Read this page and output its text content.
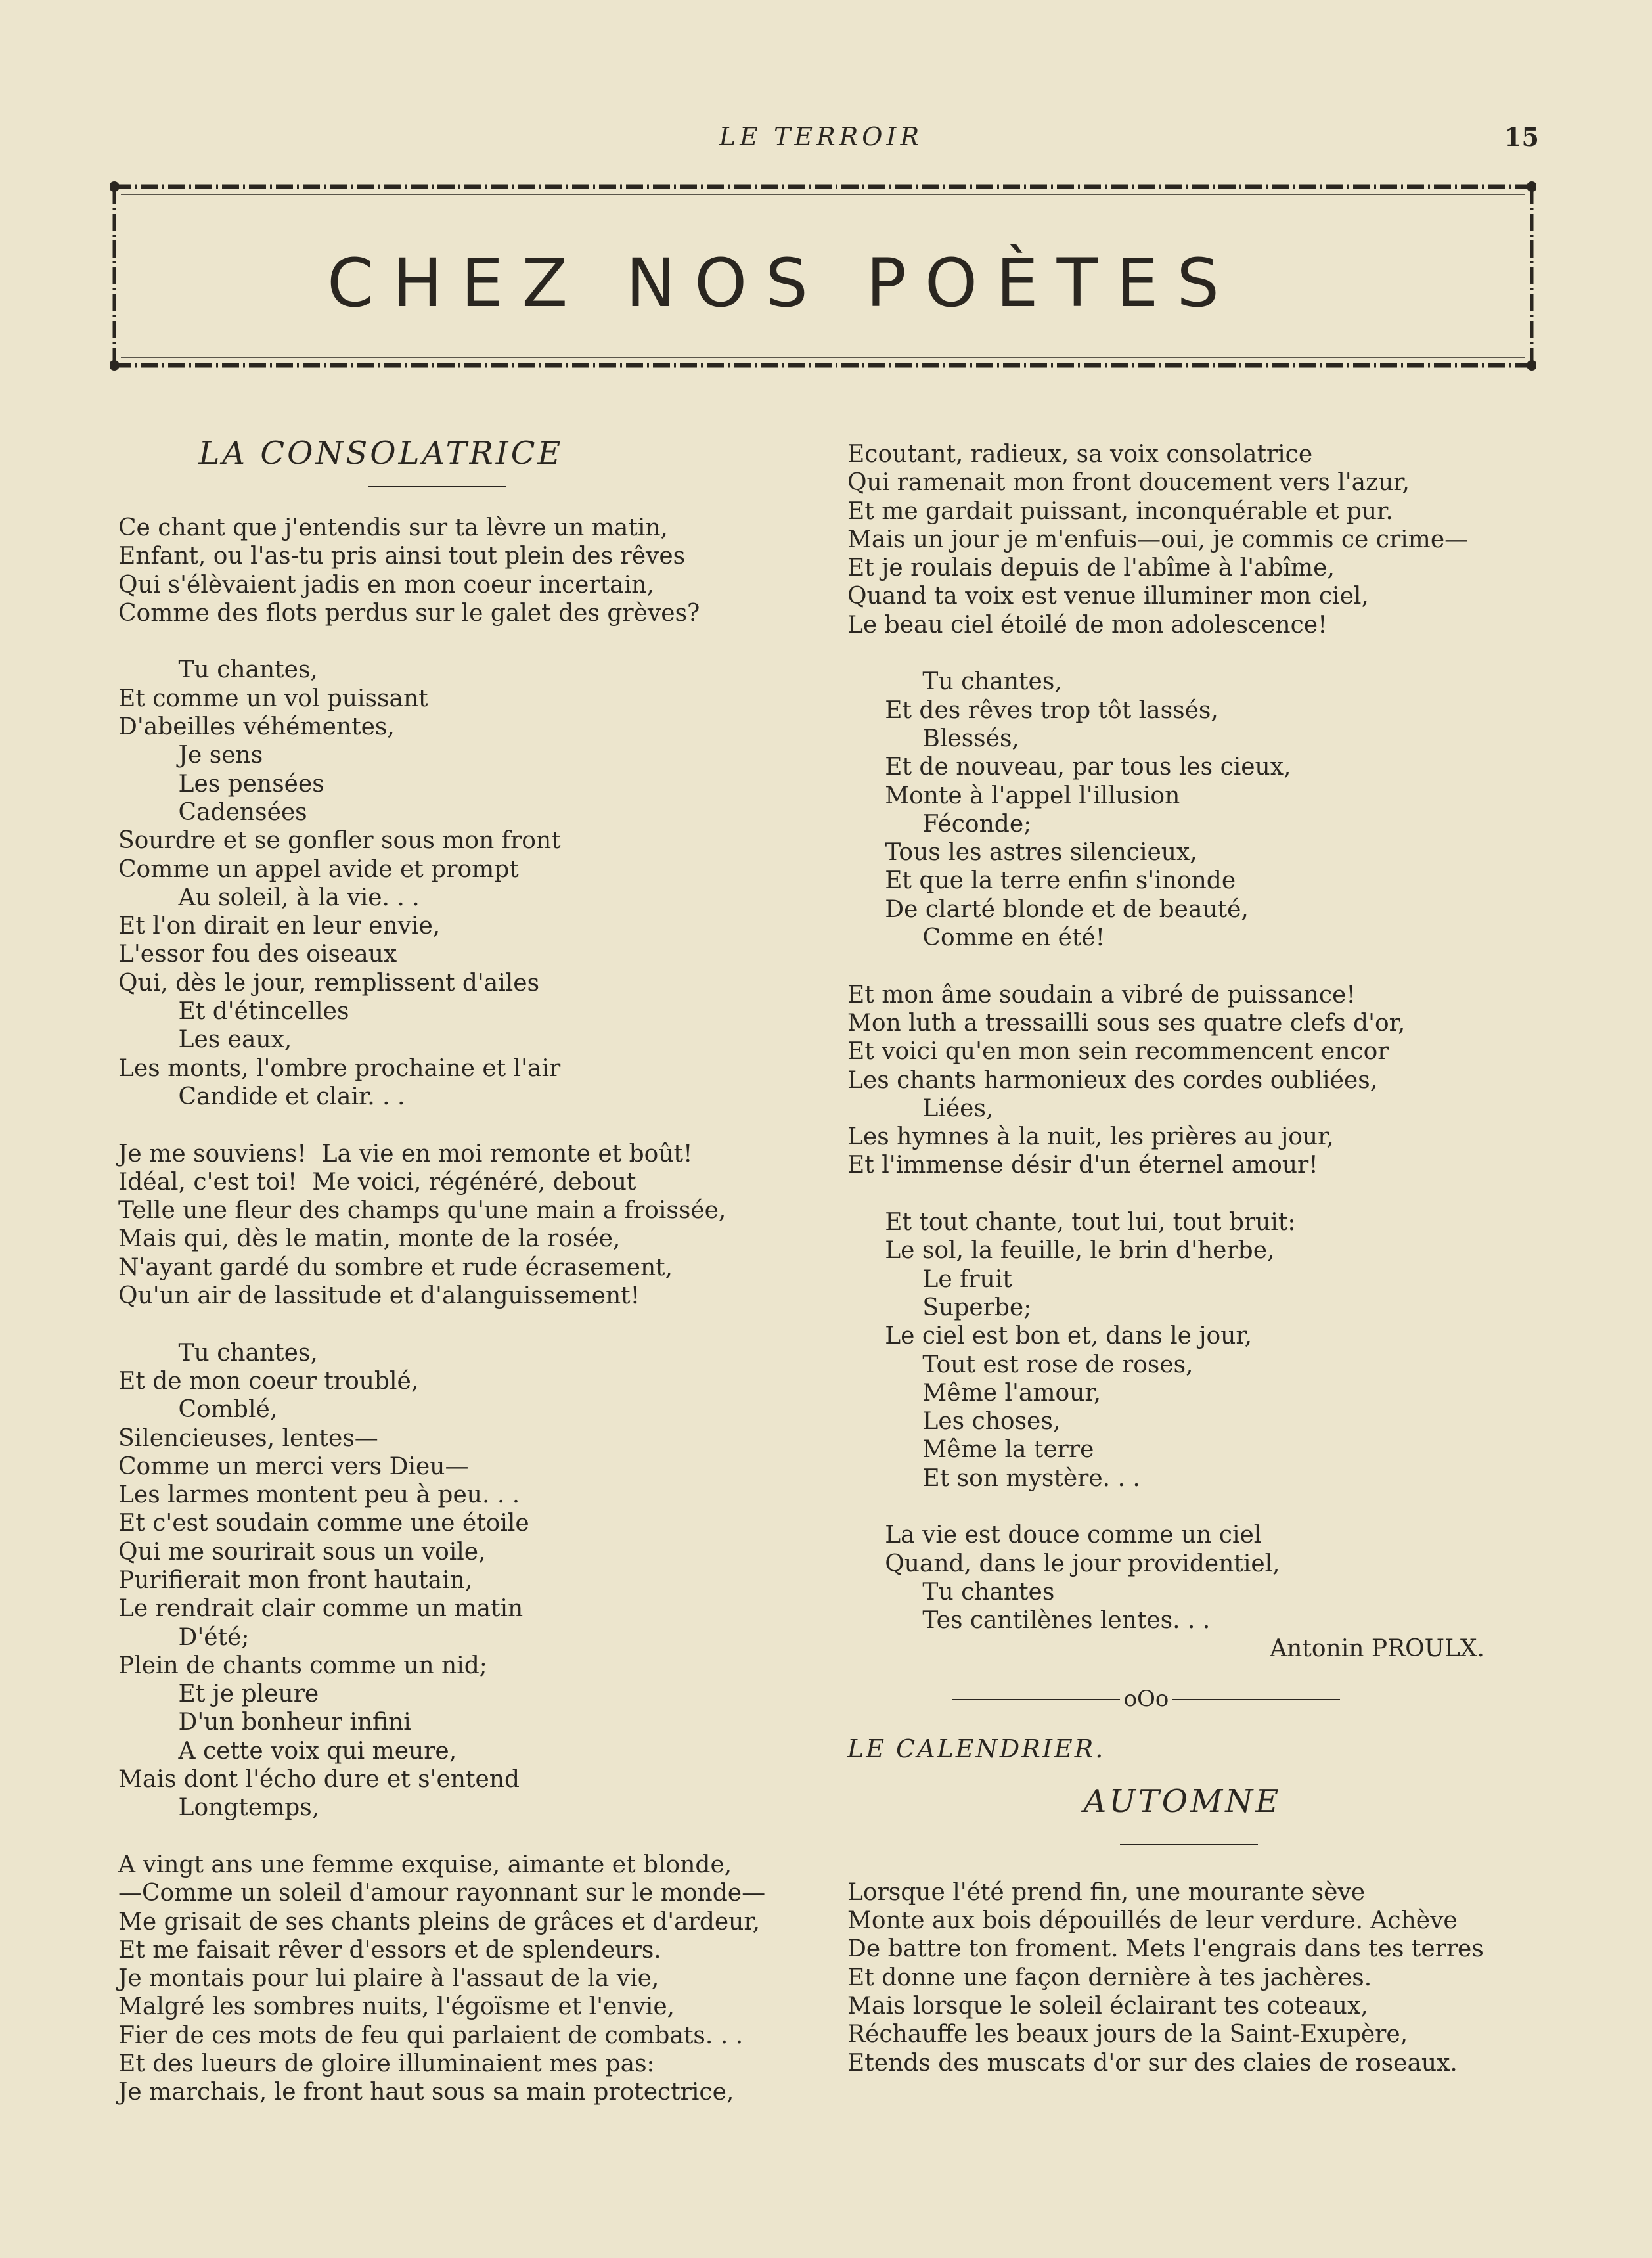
LE TERROIR	15
CHEZ NOS POÈTES
LA CONSOLATRICE
Ce chant que j'entendis sur ta lèvre un matin,
Enfant, ou l'as-tu pris ainsi tout plein des rêves
Qui s'élèvaient jadis en mon coeur incertain,
Comme des flots perdus sur le galet des grèves?
Tu chantes,
Et comme un vol puissant
D'abeilles véhémentes,
Je sens
Les pensées
Cadensées
Sourdre et se gonfler sous mon front
Comme un appel avide et prompt
Au soleil, à la vie. . .
Et l'on dirait en leur envie,
L'essor fou des oiseaux
Qui, dès le jour, remplissent d'ailes
Et d'étincelles
Les eaux,
Les monts, l'ombre prochaine et l'air
Candide et clair. . .
Je me souviens!  La vie en moi remonte et boût!
Idéal, c'est toi!  Me voici, régénéré, debout
Telle une fleur des champs qu'une main a froissée,
Mais qui, dès le matin, monte de la rosée,
N'ayant gardé du sombre et rude écrasement,
Qu'un air de lassitude et d'alanguissement!
Tu chantes,
Et de mon coeur troublé,
Comblé,
Silencieuses, lentes—
Comme un merci vers Dieu—
Les larmes montent peu à peu. . .
Et c'est soudain comme une étoile
Qui me sourirait sous un voile,
Purifierait mon front hautain,
Le rendrait clair comme un matin
D'été;
Plein de chants comme un nid;
Et je pleure
D'un bonheur infini
A cette voix qui meure,
Mais dont l'écho dure et s'entend
Longtemps,
A vingt ans une femme exquise, aimante et blonde,
—Comme un soleil d'amour rayonnant sur le monde—
Me grisait de ses chants pleins de grâces et d'ardeur,
Et me faisait rêver d'essors et de splendeurs.
Je montais pour lui plaire à l'assaut de la vie,
Malgré les sombres nuits, l'égoïsme et l'envie,
Fier de ces mots de feu qui parlaient de combats. . .
Et des lueurs de gloire illuminaient mes pas:
Je marchais, le front haut sous sa main protectrice,
Ecoutant, radieux, sa voix consolatrice
Qui ramenait mon front doucement vers l'azur,
Et me gardait puissant, inconquérable et pur.
Mais un jour je m'enfuis—oui, je commis ce crime—
Et je roulais depuis de l'abîme à l'abîme,
Quand ta voix est venue illuminer mon ciel,
Le beau ciel étoilé de mon adolescence!
Tu chantes,
Et des rêves trop tôt lassés,
Blessés,
Et de nouveau, par tous les cieux,
Monte à l'appel l'illusion
Féconde;
Tous les astres silencieux,
Et que la terre enfin s'inonde
De clarté blonde et de beauté,
Comme en été!
Et mon âme soudain a vibré de puissance!
Mon luth a tressailli sous ses quatre clefs d'or,
Et voici qu'en mon sein recommencent encor
Les chants harmonieux des cordes oubliées,
Liées,
Les hymnes à la nuit, les prières au jour,
Et l'immense désir d'un éternel amour!
Et tout chante, tout lui, tout bruit:
Le sol, la feuille, le brin d'herbe,
Le fruit
Superbe;
Le ciel est bon et, dans le jour,
Tout est rose de roses,
Même l'amour,
Les choses,
Même la terre
Et son mystère. . .
La vie est douce comme un ciel
Quand, dans le jour providentiel,
Tu chantes
Tes cantilènes lentes. . .
Antonin PROULX.
oOo
LE CALENDRIER.
AUTOMNE
Lorsque l'été prend fin, une mourante sève
Monte aux bois dépouillés de leur verdure. Achève
De battre ton froment. Mets l'engrais dans tes terres
Et donne une façon dernière à tes jachères.
Mais lorsque le soleil éclairant tes coteaux,
Réchauffe les beaux jours de la Saint-Exupère,
Etends des muscats d'or sur des claies de roseaux.
